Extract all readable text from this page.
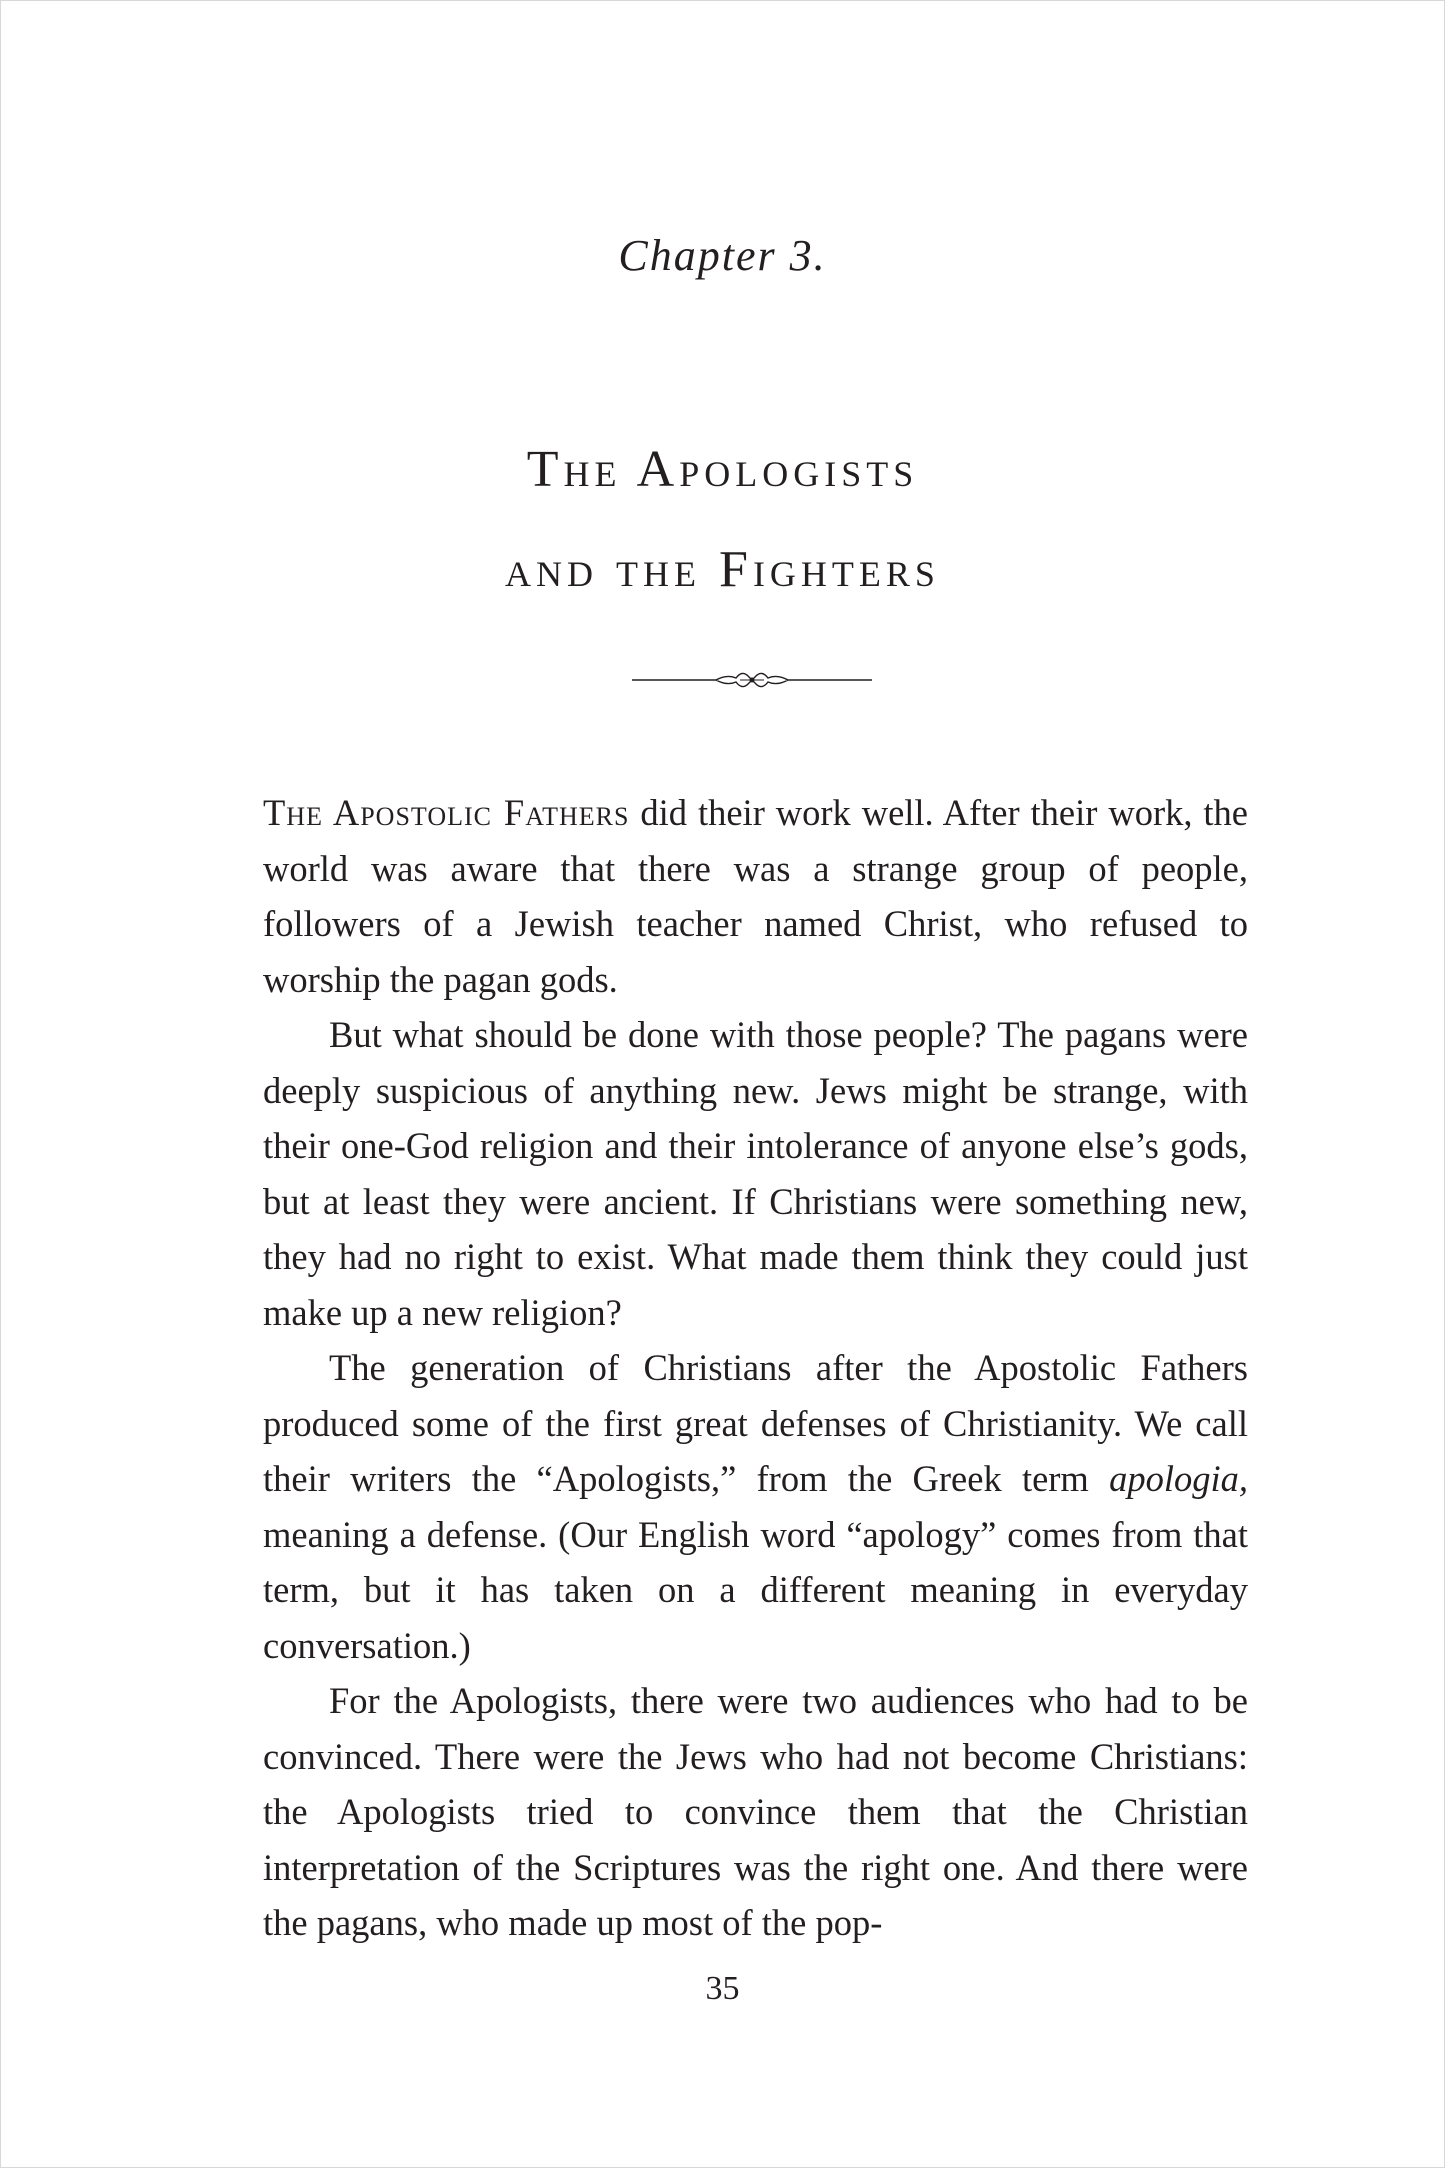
Chapter 3.
The Apologists
and the Fighters

The Apostolic Fathers did their work well. After their work, the world was aware that there was a strange group of people, followers of a Jewish teacher named Christ, who refused to worship the pagan gods.

But what should be done with those people? The pagans were deeply suspicious of anything new. Jews might be strange, with their one-God religion and their intolerance of anyone else’s gods, but at least they were ancient. If Christians were something new, they had no right to exist. What made them think they could just make up a new religion?

The generation of Christians after the Apostolic Fathers produced some of the first great defenses of Christianity. We call their writers the “Apologists,” from the Greek term apologia, meaning a defense. (Our English word “apology” comes from that term, but it has taken on a different meaning in everyday conversation.)

For the Apologists, there were two audiences who had to be convinced. There were the Jews who had not become Christians: the Apologists tried to convince them that the Christian interpretation of the Scriptures was the right one. And there were the pagans, who made up most of the pop-

35
